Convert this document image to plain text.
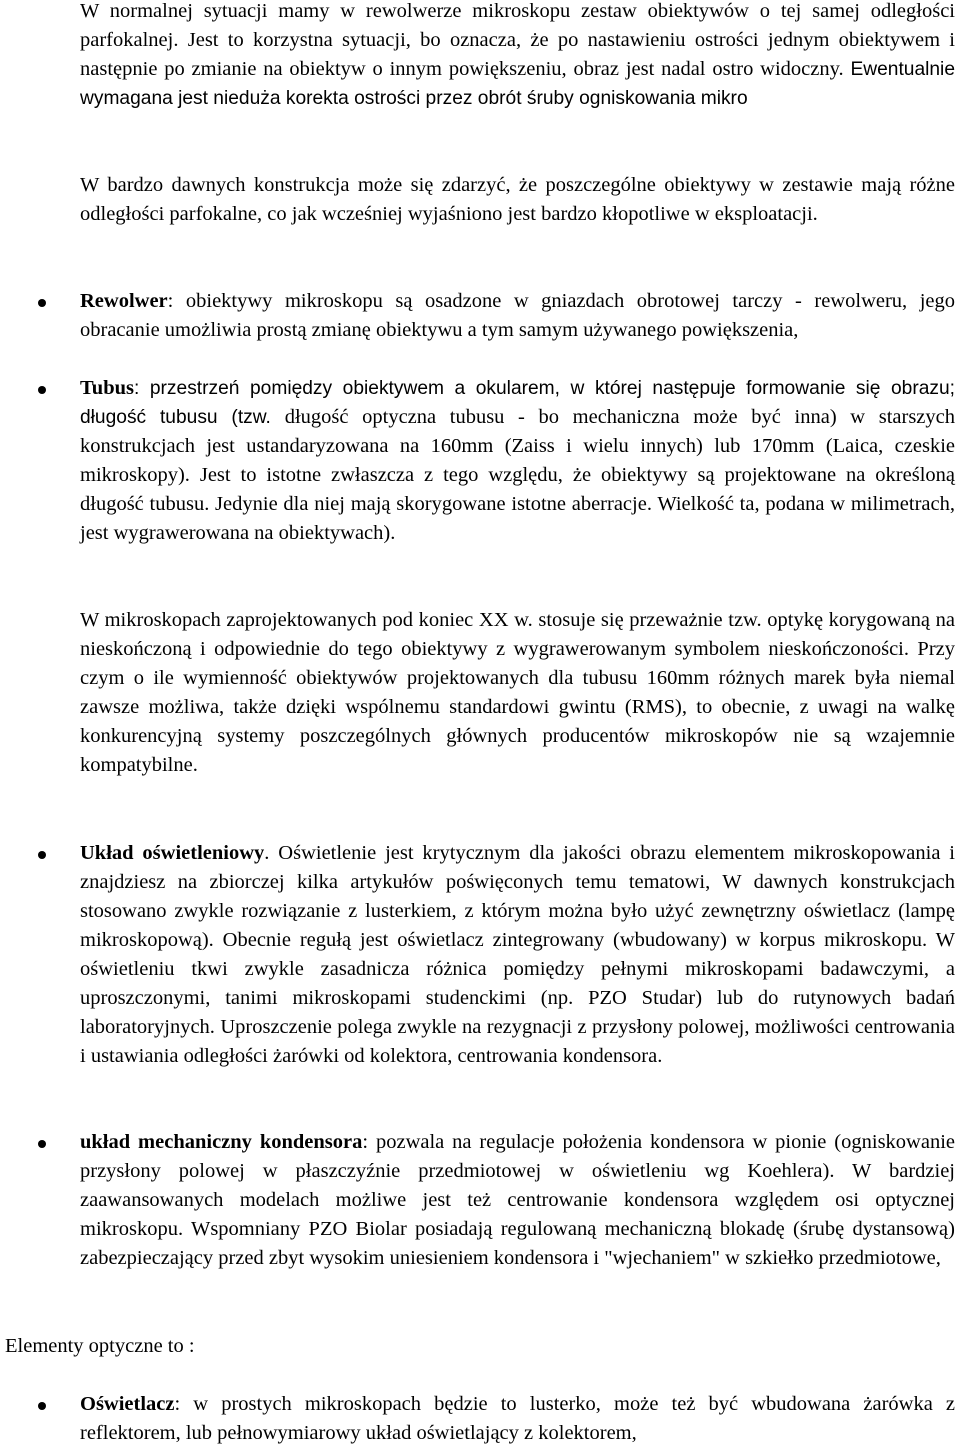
W normalnej sytuacji mamy w rewolwerze mikroskopu zestaw obiektywów o tej samej odległości parfokalnej. Jest to korzystna sytuacji, bo oznacza, że po nastawieniu ostrości jednym obiektywem i następnie po zmianie na obiektyw o innym powiększeniu, obraz jest nadal ostro widoczny. Ewentualnie wymagana jest nieduża korekta ostrości przez obrót śruby ogniskowania mikro

W bardzo dawnych konstrukcja może się zdarzyć, że poszczególne obiektywy w zestawie mają różne odległości parfokalne, co jak wcześniej wyjaśniono jest bardzo kłopotliwe w eksploatacji.

Rewolwer: obiektywy mikroskopu są osadzone w gniazdach obrotowej tarczy - rewolweru, jego obracanie umożliwia prostą zmianę obiektywu a tym samym używanego powiększenia,

Tubus: przestrzeń pomiędzy obiektywem a okularem, w której następuje formowanie się obrazu; długość tubusu (tzw. długość optyczna tubusu - bo mechaniczna może być inna) w starszych konstrukcjach jest ustandaryzowana na 160mm (Zaiss i wielu innych) lub 170mm (Laica, czeskie mikroskopy). Jest to istotne zwłaszcza z tego względu, że obiektywy są projektowane na określoną długość tubusu. Jedynie dla niej mają skorygowane istotne aberracje. Wielkość ta, podana w milimetrach, jest wygrawerowana na obiektywach).

W mikroskopach zaprojektowanych pod koniec XX w. stosuje się przeważnie tzw. optykę korygowaną na nieskończoną i odpowiednie do tego obiektywy z wygrawerowanym symbolem nieskończoności. Przy czym o ile wymienność obiektywów projektowanych dla tubusu 160mm różnych marek była niemal zawsze możliwa, także dzięki wspólnemu standardowi gwintu (RMS), to obecnie, z uwagi na walkę konkurencyjną systemy poszczególnych głównych producentów mikroskopów nie są wzajemnie kompatybilne.

Układ oświetleniowy. Oświetlenie jest krytycznym dla jakości obrazu elementem mikroskopowania i znajdziesz na zbiorczej kilka artykułów poświęconych temu tematowi, W dawnych konstrukcjach stosowano zwykle rozwiązanie z lusterkiem, z którym można było użyć zewnętrzny oświetlacz (lampę mikroskopową). Obecnie regułą jest oświetlacz zintegrowany (wbudowany) w korpus mikroskopu. W oświetleniu tkwi zwykle zasadnicza różnica pomiędzy pełnymi mikroskopami badawczymi, a uproszczonymi, tanimi mikroskopami studenckimi (np. PZO Studar) lub do rutynowych badań laboratoryjnych. Uproszczenie polega zwykle na rezygnacji z przysłony polowej, możliwości centrowania i ustawiania odległości żarówki od kolektora, centrowania kondensora.

układ mechaniczny kondensora: pozwala na regulacje położenia kondensora w pionie (ogniskowanie przysłony polowej w płaszczyźnie przedmiotowej w oświetleniu wg Koehlera). W bardziej zaawansowanych modelach możliwe jest też centrowanie kondensora względem osi optycznej mikroskopu. Wspomniany PZO Biolar posiadają regulowaną mechaniczną blokadę (śrubę dystansową) zabezpieczający przed zbyt wysokim uniesieniem kondensora i "wjechaniem" w szkiełko przedmiotowe,

Elementy optyczne to :

Oświetlacz: w prostych mikroskopach będzie to lusterko, może też być wbudowana żarówka z reflektorem, lub pełnowymiarowy układ oświetlający z kolektorem,
